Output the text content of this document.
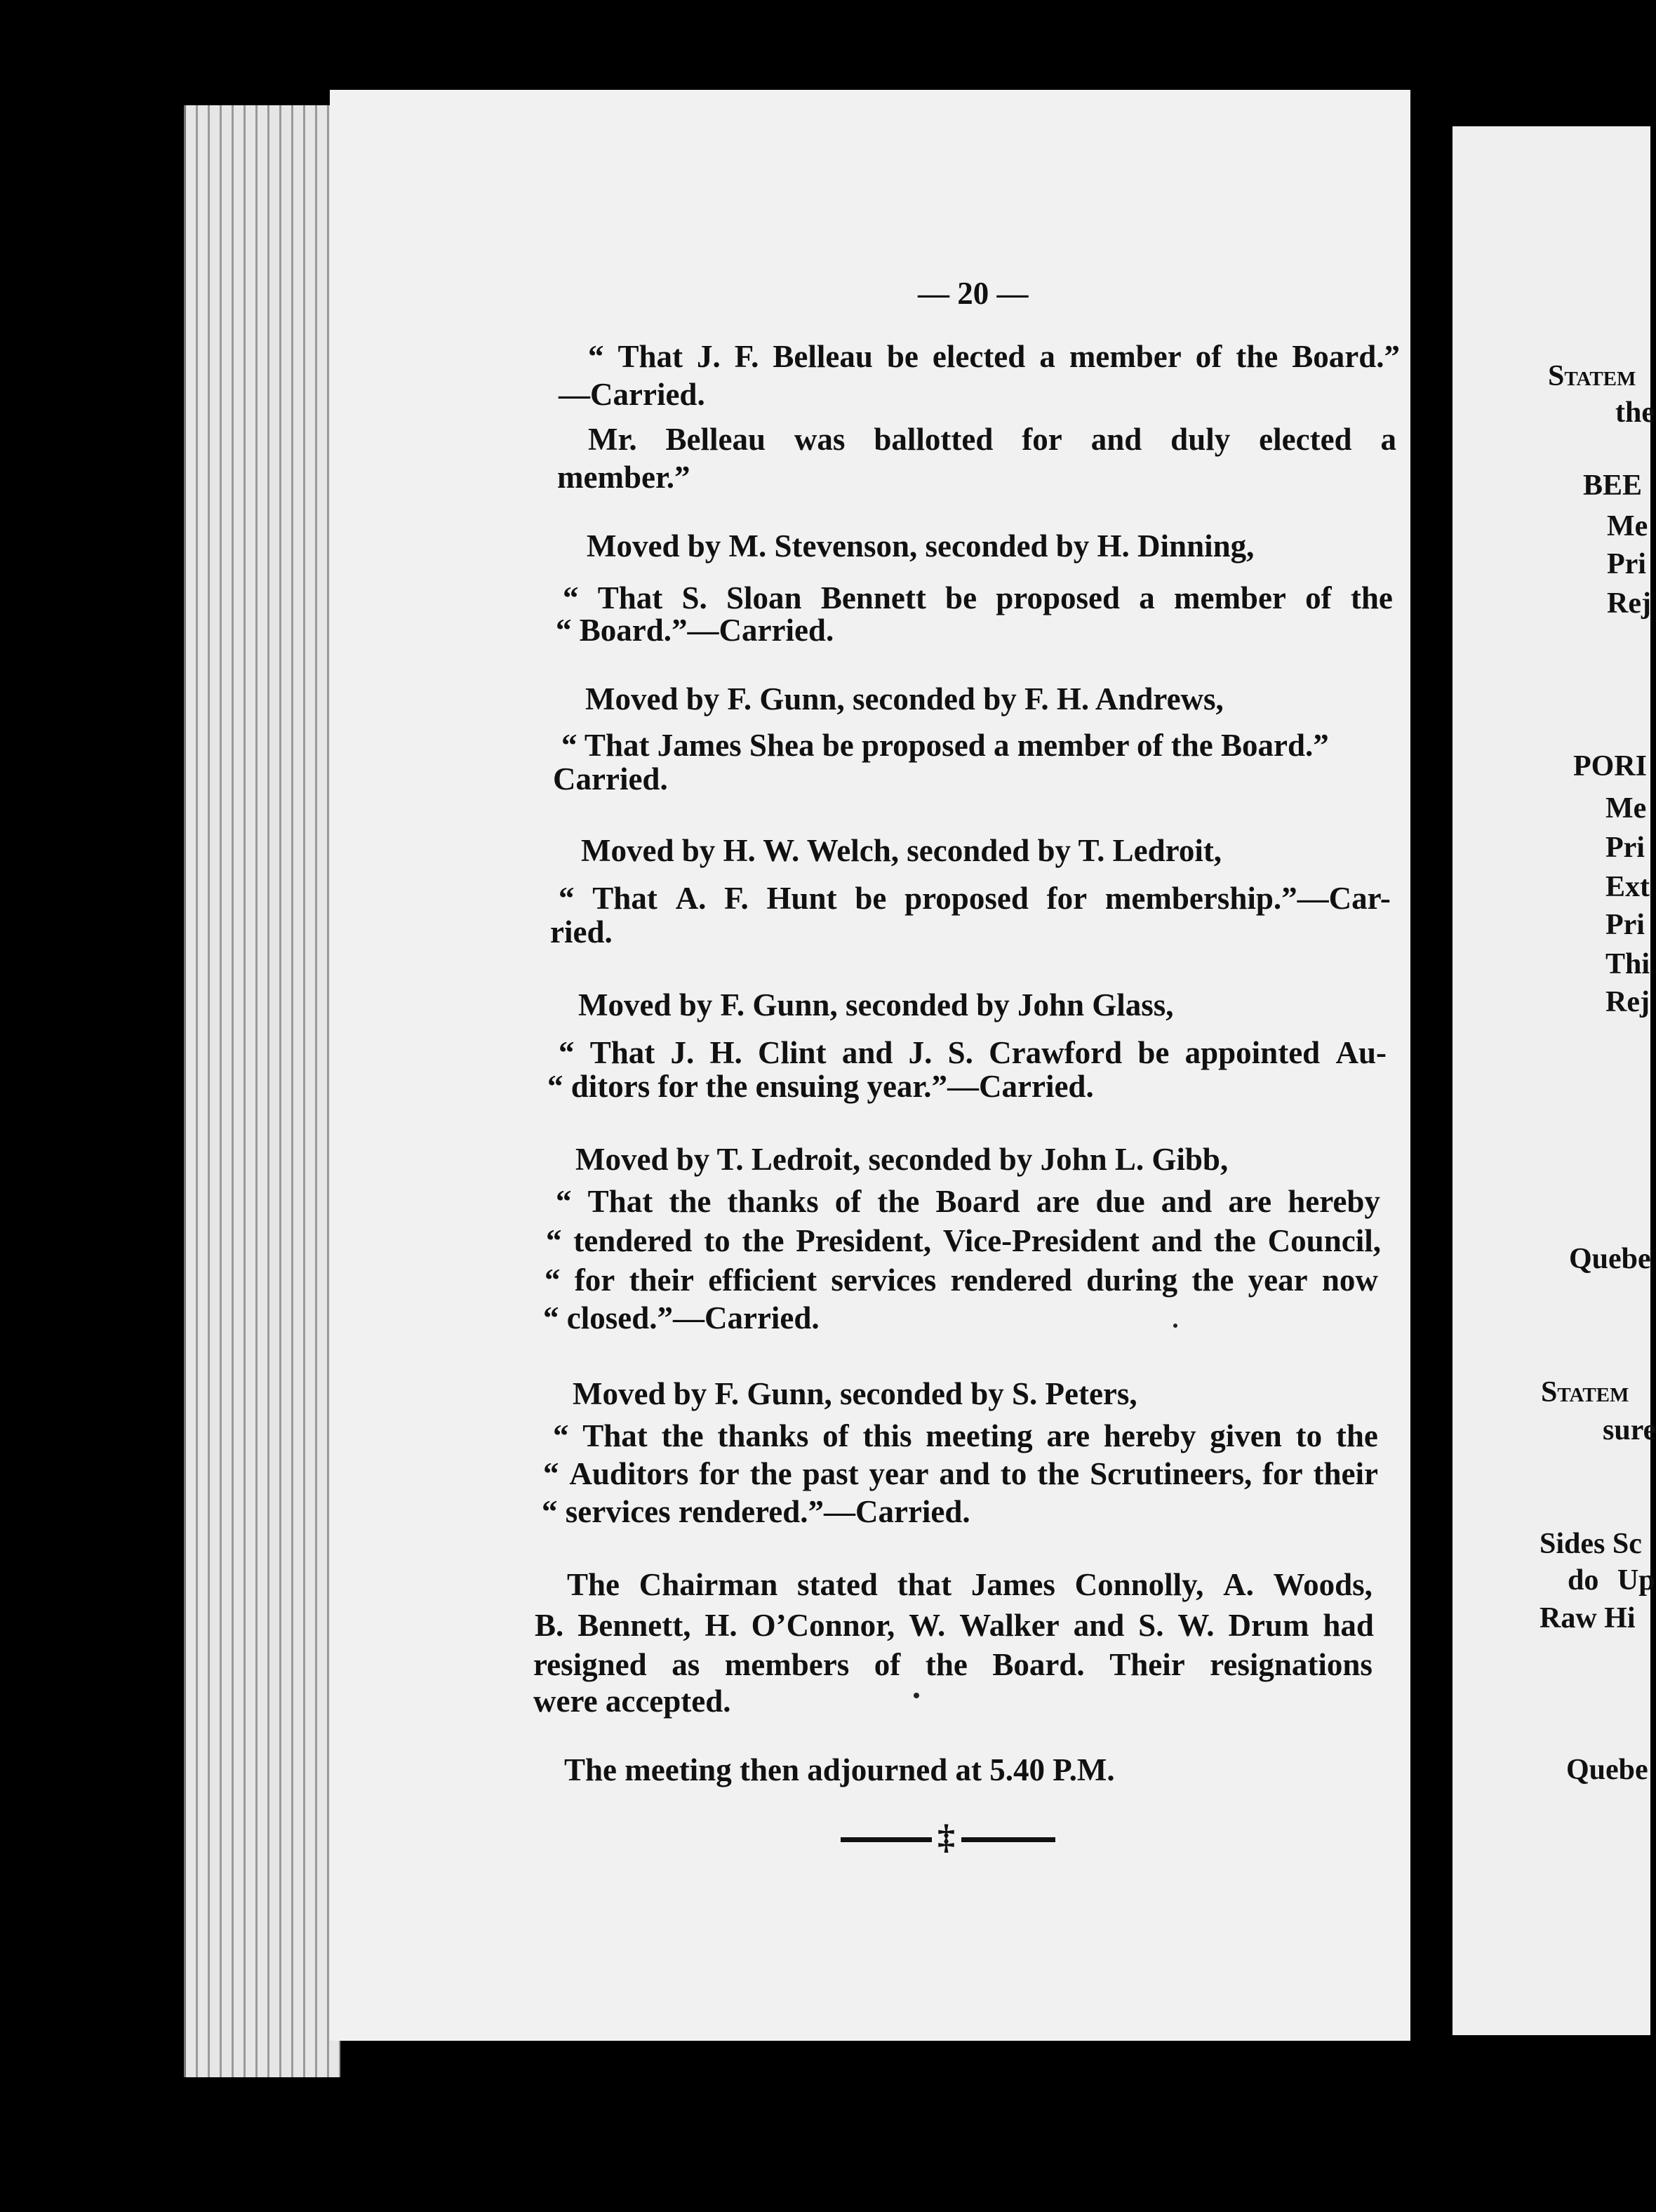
— 20 —
“ That J. F. Belleau be elected a member of the Board.”
—Carried.
Mr. Belleau was ballotted for and duly elected a
member.”
Moved by M. Stevenson, seconded by H. Dinning,
“ That S. Sloan Bennett be proposed a member of the
“ Board.”—Carried.
Moved by F. Gunn, seconded by F. H. Andrews,
“ That James Shea be proposed a member of the Board.”
Carried.
Moved by H. W. Welch, seconded by T. Ledroit,
“ That A. F. Hunt be proposed for membership.”—Car-
ried.
Moved by F. Gunn, seconded by John Glass,
“ That J. H. Clint and J. S. Crawford be appointed Au-
“ ditors for the ensuing year.”—Carried.
Moved by T. Ledroit, seconded by John L. Gibb,
“ That the thanks of the Board are due and are hereby
“ tendered to the President, Vice-President and the Council,
“ for their efficient services rendered during the year now
“ closed.”—Carried.
Moved by F. Gunn, seconded by S. Peters,
“ That the thanks of this meeting are hereby given to the
“ Auditors for the past year and to the Scrutineers, for their
“ services rendered.”—Carried.
The Chairman stated that James Connolly, A. Woods,
B. Bennett, H. O’Connor, W. Walker and S. W. Drum had
resigned as members of the Board. Their resignations
were accepted.
The meeting then adjourned at 5.40 P.M.
‡
Statem
the
BEE
Me
Pri
Rej
PORI
Me
Pri
Ext
Pri
Thi
Rej
Quebe
Statem
sure
Sides Sc
do Up
Raw Hi
Quebe
